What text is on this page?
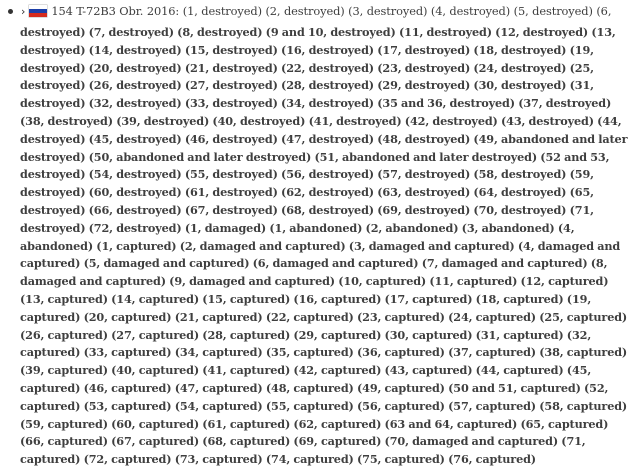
› 154 T-72B3 Obr. 2016: (1, destroyed) (2, destroyed) (3, destroyed) (4, destroyed) (5, destroyed) (6,
destroyed) (7, destroyed) (8, destroyed) (9 and 10, destroyed) (11, destroyed) (12, destroyed) (13, destroyed) (14, destroyed) (15, destroyed) (16, destroyed) (17, destroyed) (18, destroyed) (19, destroyed) (20, destroyed) (21, destroyed) (22, destroyed) (23, destroyed) (24, destroyed) (25, destroyed) (26, destroyed) (27, destroyed) (28, destroyed) (29, destroyed) (30, destroyed) (31, destroyed) (32, destroyed) (33, destroyed) (34, destroyed) (35 and 36, destroyed) (37, destroyed) (38, destroyed) (39, destroyed) (40, destroyed) (41, destroyed) (42, destroyed) (43, destroyed) (44, destroyed) (45, destroyed) (46, destroyed) (47, destroyed) (48, destroyed) (49, abandoned and later destroyed) (50, abandoned and later destroyed) (51, abandoned and later destroyed) (52 and 53, destroyed) (54, destroyed) (55, destroyed) (56, destroyed) (57, destroyed) (58, destroyed) (59, destroyed) (60, destroyed) (61, destroyed) (62, destroyed) (63, destroyed) (64, destroyed) (65, destroyed) (66, destroyed) (67, destroyed) (68, destroyed) (69, destroyed) (70, destroyed) (71, destroyed) (72, destroyed) (1, damaged) (1, abandoned) (2, abandoned) (3, abandoned) (4, abandoned) (1, captured) (2, damaged and captured) (3, damaged and captured) (4, damaged and captured) (5, damaged and captured) (6, damaged and captured) (7, damaged and captured) (8, damaged and captured) (9, damaged and captured) (10, captured) (11, captured) (12, captured) (13, captured) (14, captured) (15, captured) (16, captured) (17, captured) (18, captured) (19, captured) (20, captured) (21, captured) (22, captured) (23, captured) (24, captured) (25, captured) (26, captured) (27, captured) (28, captured) (29, captured) (30, captured) (31, captured) (32, captured) (33, captured) (34, captured) (35, captured) (36, captured) (37, captured) (38, captured) (39, captured) (40, captured) (41, captured) (42, captured) (43, captured) (44, captured) (45, captured) (46, captured) (47, captured) (48, captured) (49, captured) (50 and 51, captured) (52, captured) (53, captured) (54, captured) (55, captured) (56, captured) (57, captured) (58, captured) (59, captured) (60, captured) (61, captured) (62, captured) (63 and 64, captured) (65, captured) (66, captured) (67, captured) (68, captured) (69, captured) (70, damaged and captured) (71, captured) (72, captured) (73, captured) (74, captured) (75, captured) (76, captured)
